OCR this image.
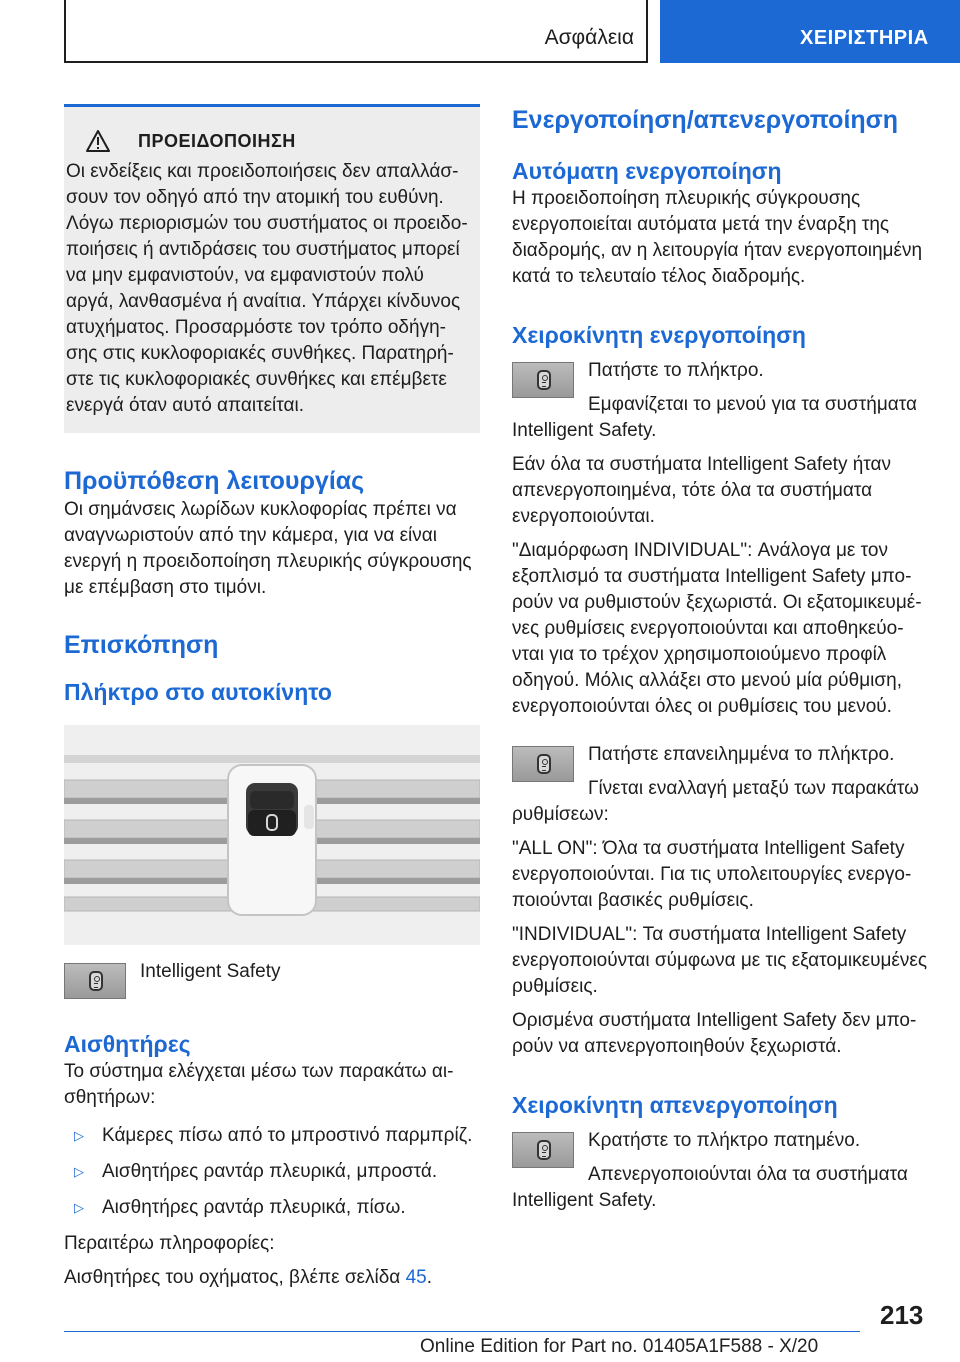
Ασφάλεια	ΧΕΙΡΙΣΤΗΡΙΑ
ΠΡΟΕΙΔΟΠΟΙΗΣΗ

Οι ενδείξεις και προειδοποιήσεις δεν απαλλάσσουν τον οδηγό από την ατομική του ευθύνη. Λόγω περιορισμών του συστήματος οι προειδοποιήσεις ή αντιδράσεις του συστήματος μπορεί να μην εμφανιστούν, να εμφανιστούν πολύ αργά, λανθασμένα ή αναίτια. Υπάρχει κίνδυνος ατυχήματος. Προσαρμόστε τον τρόπο οδήγησης στις κυκλοφοριακές συνθήκες. Παρατηρήστε τις κυκλοφοριακές συνθήκες και επέμβετε ενεργά όταν αυτό απαιτείται.

Προϋπόθεση λειτουργίας

Οι σημάνσεις λωρίδων κυκλοφορίας πρέπει να αναγνωριστούν από την κάμερα, για να είναι ενεργή η προειδοποίηση πλευρικής σύγκρουσης με επέμβαση στο τιμόνι.

Επισκόπηση
Πλήκτρο στο αυτοκίνητο

Intelligent Safety

Αισθητήρες

Το σύστημα ελέγχεται μέσω των παρακάτω αισθητήρων:

▷ Κάμερες πίσω από το μπροστινό παρμπρίζ.
▷ Αισθητήρες ραντάρ πλευρικά, μπροστά.
▷ Αισθητήρες ραντάρ πλευρικά, πίσω.

Περαιτέρω πληροφορίες:

Αισθητήρες του οχήματος, βλέπε σελίδα 45.

Ενεργοποίηση/απενεργοποίηση
Αυτόματη ενεργοποίηση

Η προειδοποίηση πλευρικής σύγκρουσης ενεργοποιείται αυτόματα μετά την έναρξη της διαδρομής, αν η λειτουργία ήταν ενεργοποιημένη κατά το τελευταίο τέλος διαδρομής.

Χειροκίνητη ενεργοποίηση

Πατήστε το πλήκτρο.

Εμφανίζεται το μενού για τα συστήματα Intelligent Safety.

Εάν όλα τα συστήματα Intelligent Safety ήταν απενεργοποιημένα, τότε όλα τα συστήματα ενεργοποιούνται.

"Διαμόρφωση INDIVIDUAL": Ανάλογα με τον εξοπλισμό τα συστήματα Intelligent Safety μπορούν να ρυθμιστούν ξεχωριστά. Οι εξατομικευμένες ρυθμίσεις ενεργοποιούνται και αποθηκεύονται για το τρέχον χρησιμοποιούμενο προφίλ οδηγού. Μόλις αλλάξει στο μενού μία ρύθμιση, ενεργοποιούνται όλες οι ρυθμίσεις του μενού.

Πατήστε επανειλημμένα το πλήκτρο.

Γίνεται εναλλαγή μεταξύ των παρακάτω ρυθμίσεων:

"ALL ON": Όλα τα συστήματα Intelligent Safety ενεργοποιούνται. Για τις υπολειτουργίες ενεργοποιούνται βασικές ρυθμίσεις.

"INDIVIDUAL": Τα συστήματα Intelligent Safety ενεργοποιούνται σύμφωνα με τις εξατομικευμένες ρυθμίσεις.

Ορισμένα συστήματα Intelligent Safety δεν μπορούν να απενεργοποιηθούν ξεχωριστά.

Χειροκίνητη απενεργοποίηση

Κρατήστε το πλήκτρο πατημένο.

Απενεργοποιούνται όλα τα συστήματα Intelligent Safety.

213
Online Edition for Part no. 01405A1F588 - X/20
